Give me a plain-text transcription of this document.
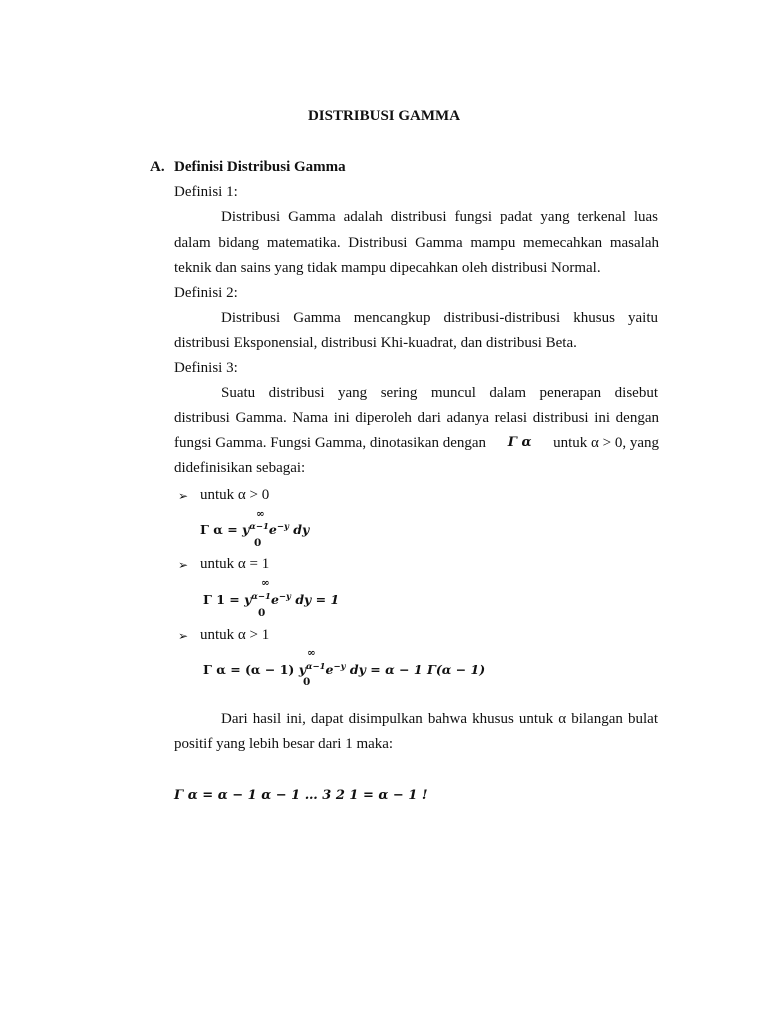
DISTRIBUSI GAMMA
A. Definisi Distribusi Gamma
Definisi 1:
Distribusi Gamma adalah distribusi fungsi padat yang terkenal luas
dalam bidang matematika. Distribusi Gamma mampu memecahkan masalah
teknik dan sains yang tidak mampu dipecahkan oleh distribusi Normal.
Definisi 2:
Distribusi Gamma mencangkup distribusi-distribusi khusus yaitu
distribusi Eksponensial, distribusi Khi-kuadrat, dan distribusi Beta.
Definisi 3:
Suatu distribusi yang sering muncul dalam penerapan disebut
distribusi Gamma. Nama ini diperoleh dari adanya relasi distribusi ini dengan
fungsi Gamma. Fungsi Gamma, dinotasikan dengan Γ α untuk α > 0, yang
didefinisikan sebagai:
➢ untuk α > 0
∞
Γ $\alpha = y^{\alpha-1}e^{-y}$ dy
0
➢ untuk α = 1
∞
Γ $1 = y^{\alpha-1}e^{-y}$ dy = 1
0
➢ untuk α > 1
∞
Γ α = (α − 1) $y^{\alpha-1}e^{-y}$ dy = α − 1 Γ(α − 1)
0
Dari hasil ini, dapat disimpulkan bahwa khusus untuk α bilangan bulat
positif yang lebih besar dari 1 maka:
Γ α = α − 1 α − 1 … 3 2 1 = α − 1 !
